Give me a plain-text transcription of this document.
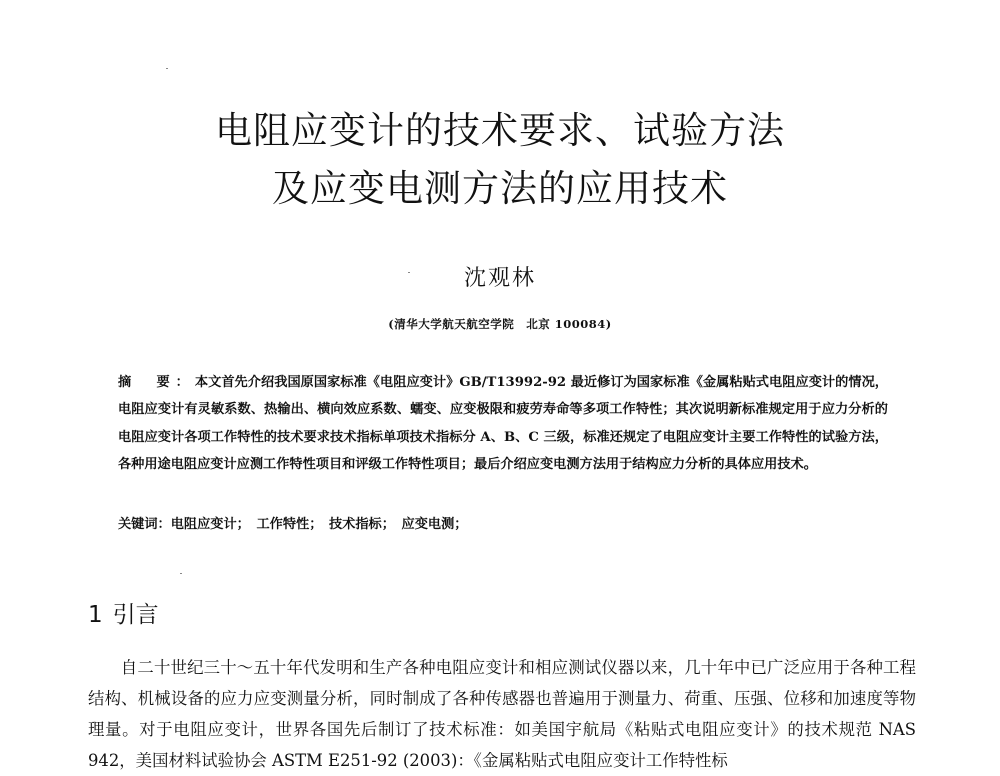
电阻应变计的技术要求、试验方法
及应变电测方法的应用技术
沈观林
(清华大学航天航空学院　北京 100084)

摘　要：本文首先介绍我国原国家标准《电阻应变计》GB/T13992-92 最近修订为国家标准《金属粘贴式电阻应变计的情况，电阻应变计有灵敏系数、热输出、横向效应系数、蠕变、应变极限和疲劳寿命等多项工作特性；其次说明新标准规定用于应力分析的电阻应变计各项工作特性的技术要求技术指标单项技术指标分 A、B、C 三级，标准还规定了电阻应变计主要工作特性的试验方法，各种用途电阻应变计应测工作特性项目和评级工作特性项目；最后介绍应变电测方法用于结构应力分析的具体应用技术。

关键词：电阻应变计；　工作特性；　技术指标；　应变电测；

1 引言

自二十世纪三十～五十年代发明和生产各种电阻应变计和相应测试仪器以来，几十年中已广泛应用于各种工程结构、机械设备的应力应变测量分析，同时制成了各种传感器也普遍用于测量力、荷重、压强、位移和加速度等物理量。对于电阻应变计，世界各国先后制订了技术标准：如美国宇航局《粘贴式电阻应变计》的技术规范 NAS 942，美国材料试验协会 ASTM E251-92 (2003)：《金属粘贴式电阻应变计工作特性标
